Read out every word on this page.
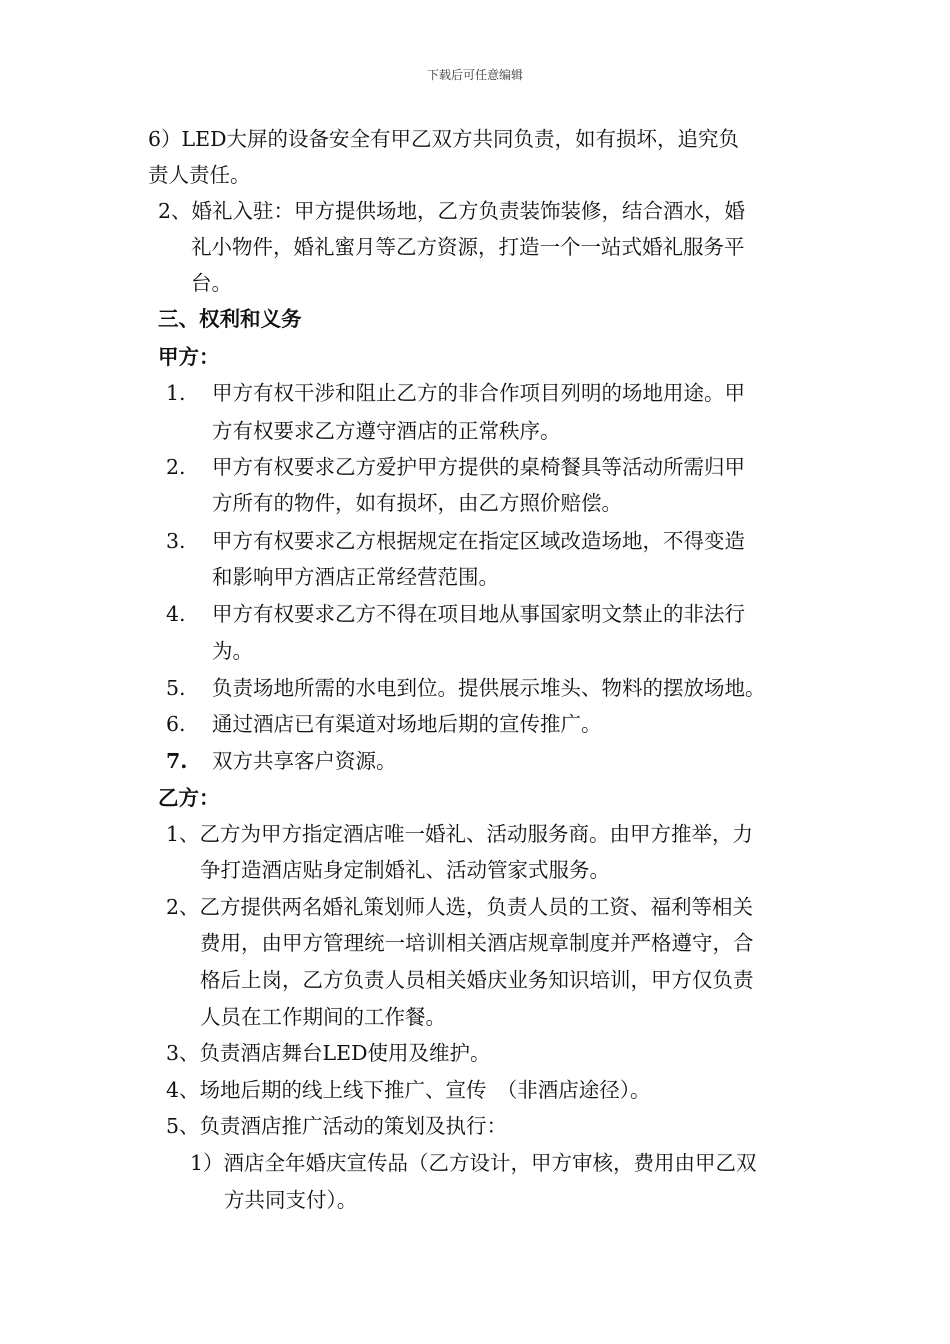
下载后可任意编辑
6）LED大屏的设备安全有甲乙双方共同负责，如有损坏，追究负
责人责任。
2、婚礼入驻：甲方提供场地，乙方负责装饰装修，结合酒水，婚
礼小物件，婚礼蜜月等乙方资源，打造一个一站式婚礼服务平
台。
三、权利和义务
甲方：
1. 甲方有权干涉和阻止乙方的非合作项目列明的场地用途。甲
方有权要求乙方遵守酒店的正常秩序。
2. 甲方有权要求乙方爱护甲方提供的桌椅餐具等活动所需归甲
方所有的物件，如有损坏，由乙方照价赔偿。
3. 甲方有权要求乙方根据规定在指定区域改造场地，不得变造
和影响甲方酒店正常经营范围。
4. 甲方有权要求乙方不得在项目地从事国家明文禁止的非法行
为。
5. 负责场地所需的水电到位。提供展示堆头、物料的摆放场地。
6. 通过酒店已有渠道对场地后期的宣传推广。
7. 双方共享客户资源。
乙方：
1、乙方为甲方指定酒店唯一婚礼、活动服务商。由甲方推举，力
争打造酒店贴身定制婚礼、活动管家式服务。
2、乙方提供两名婚礼策划师人选，负责人员的工资、福利等相关
费用，由甲方管理统一培训相关酒店规章制度并严格遵守，合
格后上岗，乙方负责人员相关婚庆业务知识培训，甲方仅负责
人员在工作期间的工作餐。
3、负责酒店舞台LED使用及维护。
4、场地后期的线上线下推广、宣传　（非酒店途径）。
5、负责酒店推广活动的策划及执行：
1）酒店全年婚庆宣传品（乙方设计，甲方审核，费用由甲乙双
方共同支付）。
